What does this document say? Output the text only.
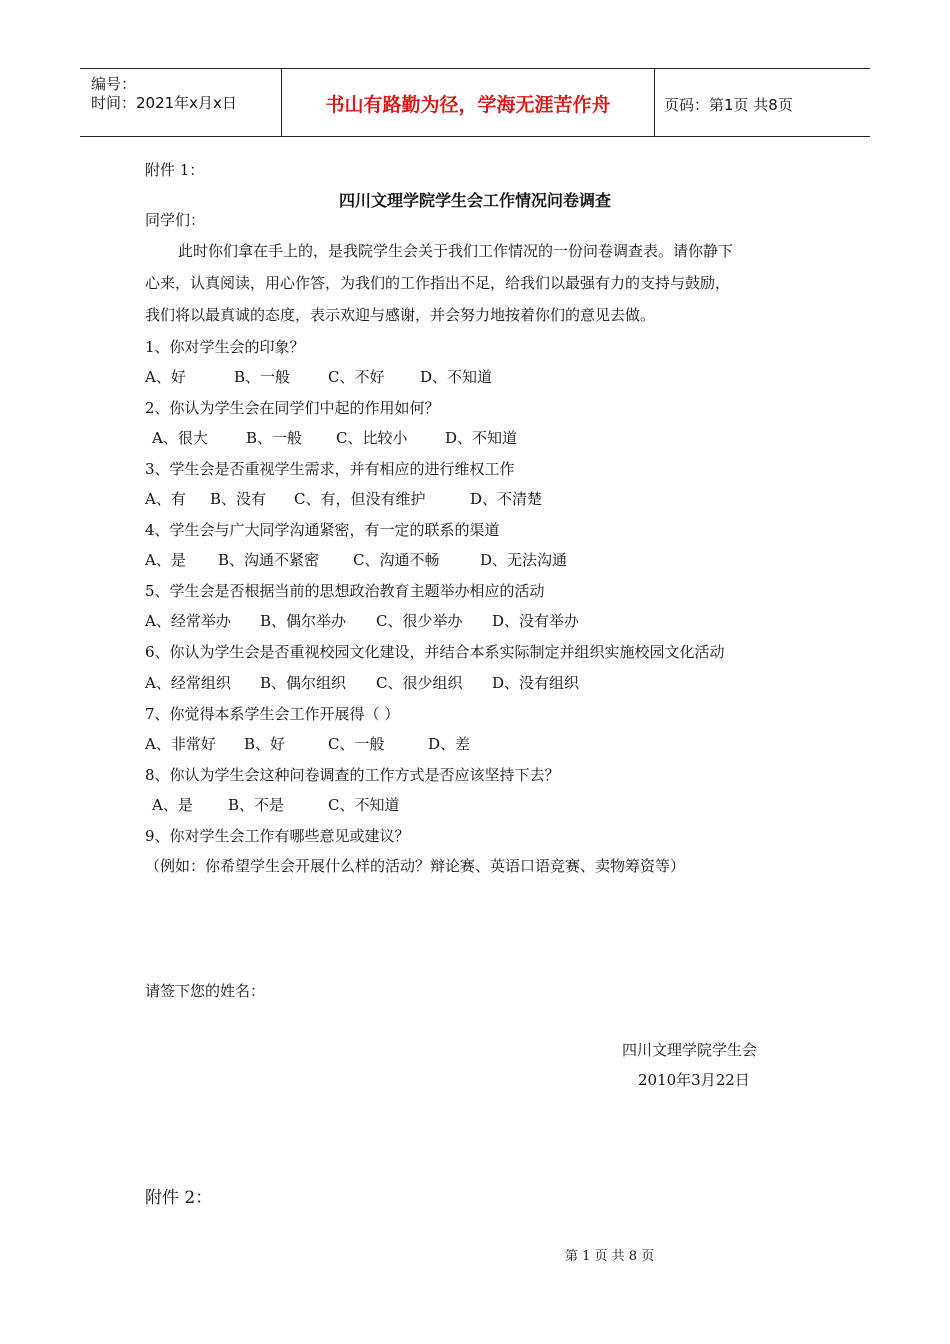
编号：
时间：2021年x月x日	书山有路勤为径，学海无涯苦作舟	页码：第1页 共8页
附件 1：
四川文理学院学生会工作情况问卷调查
同学们：
此时你们拿在手上的，是我院学生会关于我们工作情况的一份问卷调查表。请你静下
心来，认真阅读，用心作答，为我们的工作指出不足，给我们以最强有力的支持与鼓励，
我们将以最真诚的态度，表示欢迎与感谢，并会努力地按着你们的意见去做。
1、你对学生会的印象？
A、好	B、一般	C、不好 D、不知道
2、你认为学生会在同学们中起的作用如何？
A、很大	B、一般 C、比较小	D、不知道
3、学生会是否重视学生需求，并有相应的进行维权工作
A、有 B、没有 C、有，但没有维护	D、不清楚
4、学生会与广大同学沟通紧密，有一定的联系的渠道
A、是 B、沟通不紧密 C、沟通不畅	D、无法沟通
5、学生会是否根据当前的思想政治教育主题举办相应的活动
A、经常举办 B、偶尔举办 C、很少举办 D、没有举办
6、你认为学生会是否重视校园文化建设，并结合本系实际制定并组织实施校园文化活动
A、经常组织 B、偶尔组织 C、很少组织 D、没有组织
7、你觉得本系学生会工作开展得（ ）
A、非常好 B、好	C、一般	D、差
8、你认为学生会这种问卷调查的工作方式是否应该坚持下去？
A、是 B、不是	C、不知道
9、你对学生会工作有哪些意见或建议？
（例如：你希望学生会开展什么样的活动？辩论赛、英语口语竞赛、卖物筹资等）
请签下您的姓名：
四川文理学院学生会
2010年3月22日
附件 2：
第 1 页 共 8 页
